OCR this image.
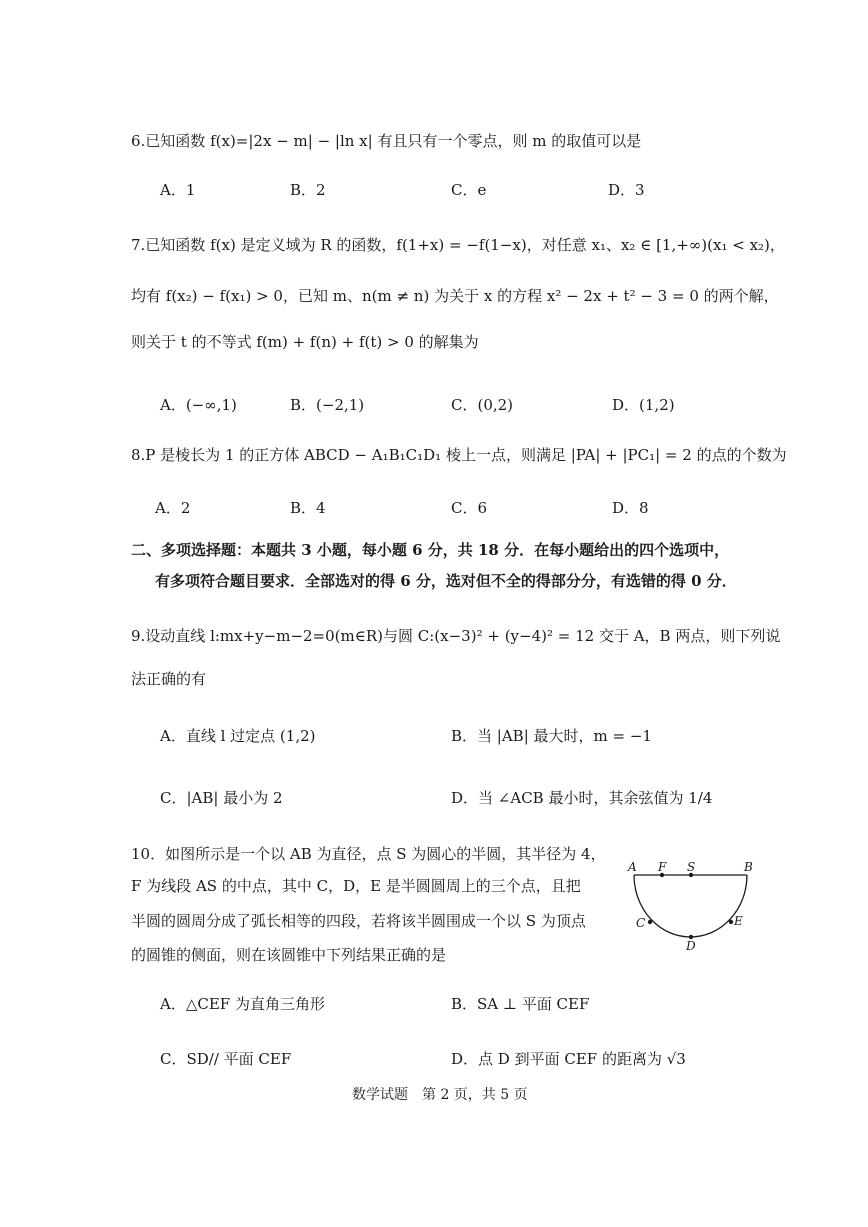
6.已知函数 f(x)=|2x − m| − |ln x| 有且只有一个零点，则 m 的取值可以是
A．1	B．2	C．e	D．3
7.已知函数 f(x) 是定义域为 R 的函数，f(1+x) = −f(1−x)，对任意 x₁、x₂ ∈ [1,+∞)(x₁ < x₂)，
均有 f(x₂) − f(x₁) > 0，已知 m、n(m ≠ n) 为关于 x 的方程 x² − 2x + t² − 3 = 0 的两个解，
则关于 t 的不等式 f(m) + f(n) + f(t) > 0 的解集为
A．(−∞,1)	B．(−2,1)	C．(0,2)	D．(1,2)
8.P 是棱长为 1 的正方体 ABCD − A₁B₁C₁D₁ 棱上一点，则满足 |PA| + |PC₁| = 2 的点的个数为
A．2	B．4	C．6	D．8
二、多项选择题：本题共 3 小题，每小题 6 分，共 18 分．在每小题给出的四个选项中，
有多项符合题目要求．全部选对的得 6 分，选对但不全的得部分分，有选错的得 0 分．
9.设动直线 l:mx+y−m−2=0(m∈R)与圆 C:(x−3)² + (y−4)² = 12 交于 A，B 两点，则下列说
法正确的有
A．直线 l 过定点 (1,2)	B．当 |AB| 最大时，m = −1
C．|AB| 最小为 2	D．当 ∠ACB 最小时，其余弦值为 1/4
10．如图所示是一个以 AB 为直径，点 S 为圆心的半圆，其半径为 4，
F 为线段 AS 的中点，其中 C，D，E 是半圆圆周上的三个点，且把
半圆的圆周分成了弧长相等的四段，若将该半圆围成一个以 S 为顶点
的圆锥的侧面，则在该圆锥中下列结果正确的是
A F S	B
C
D
E
A．△CEF 为直角三角形	B．SA ⊥ 平面 CEF
C．SD// 平面 CEF	D．点 D 到平面 CEF 的距离为 √3
数学试题　第 2 页，共 5 页
